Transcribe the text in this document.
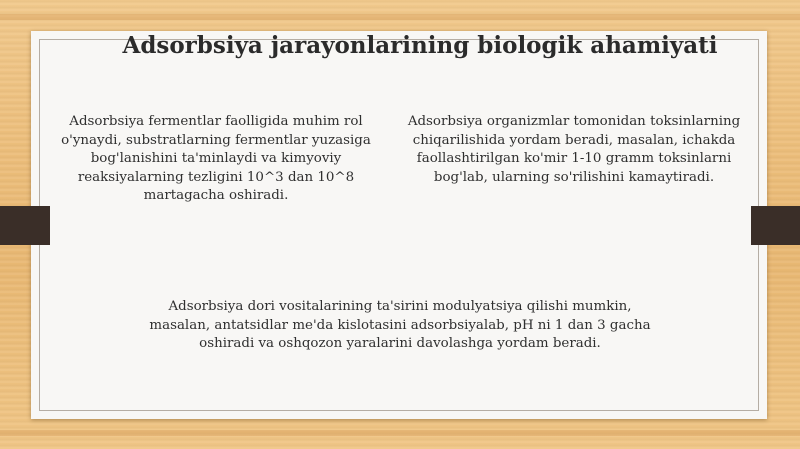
Adsorbsiya jarayonlarining biologik ahamiyati
Adsorbsiya fermentlar faolligida muhim rol o'ynaydi, substratlarning fermentlar yuzasiga bog'lanishini ta'minlaydi va kimyoviy reaksiyalarning tezligini 10^3 dan 10^8 martagacha oshiradi.
Adsorbsiya organizmlar tomonidan toksinlarning chiqarilishida yordam beradi, masalan, ichakda faollashtirilgan ko'mir 1-10 gramm toksinlarni bog'lab, ularning so'rilishini kamaytiradi.
Adsorbsiya dori vositalarining ta'sirini modulyatsiya qilishi mumkin, masalan, antatsidlar me'da kislotasini adsorbsiyalab, pH ni 1 dan 3 gacha oshiradi va oshqozon yaralarini davolashga yordam beradi.
